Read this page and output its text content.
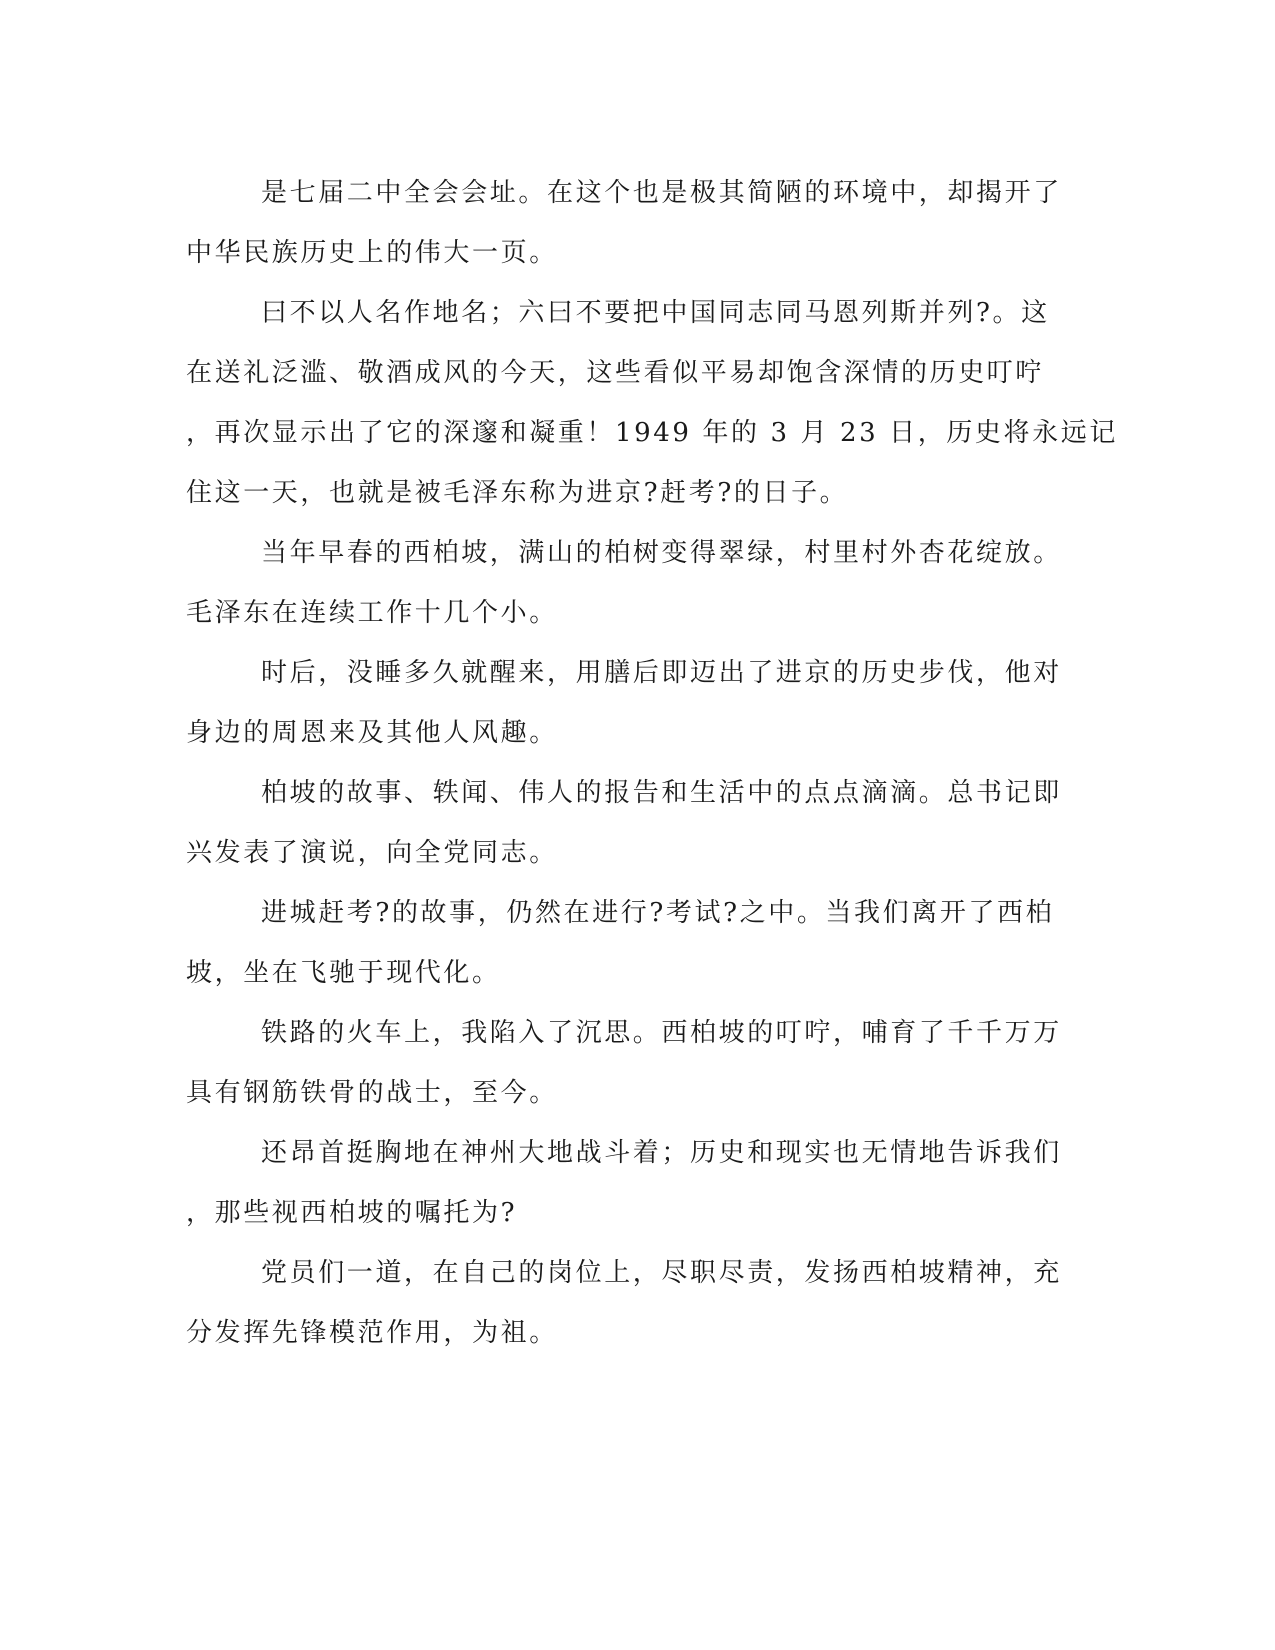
是七届二中全会会址。在这个也是极其简陋的环境中，却揭开了
中华民族历史上的伟大一页。

曰不以人名作地名；六曰不要把中国同志同马恩列斯并列?。这
在送礼泛滥、敬酒成风的今天，这些看似平易却饱含深情的历史叮咛
，再次显示出了它的深邃和凝重！1949 年的 3 月 23 日，历史将永远记
住这一天，也就是被毛泽东称为进京?赶考?的日子。

当年早春的西柏坡，满山的柏树变得翠绿，村里村外杏花绽放。
毛泽东在连续工作十几个小。

时后，没睡多久就醒来，用膳后即迈出了进京的历史步伐，他对
身边的周恩来及其他人风趣。

柏坡的故事、轶闻、伟人的报告和生活中的点点滴滴。总书记即
兴发表了演说，向全党同志。

进城赶考?的故事，仍然在进行?考试?之中。当我们离开了西柏
坡，坐在飞驰于现代化。

铁路的火车上，我陷入了沉思。西柏坡的叮咛，哺育了千千万万
具有钢筋铁骨的战士，至今。

还昂首挺胸地在神州大地战斗着；历史和现实也无情地告诉我们
，那些视西柏坡的嘱托为?

党员们一道，在自己的岗位上，尽职尽责，发扬西柏坡精神，充
分发挥先锋模范作用，为祖。
